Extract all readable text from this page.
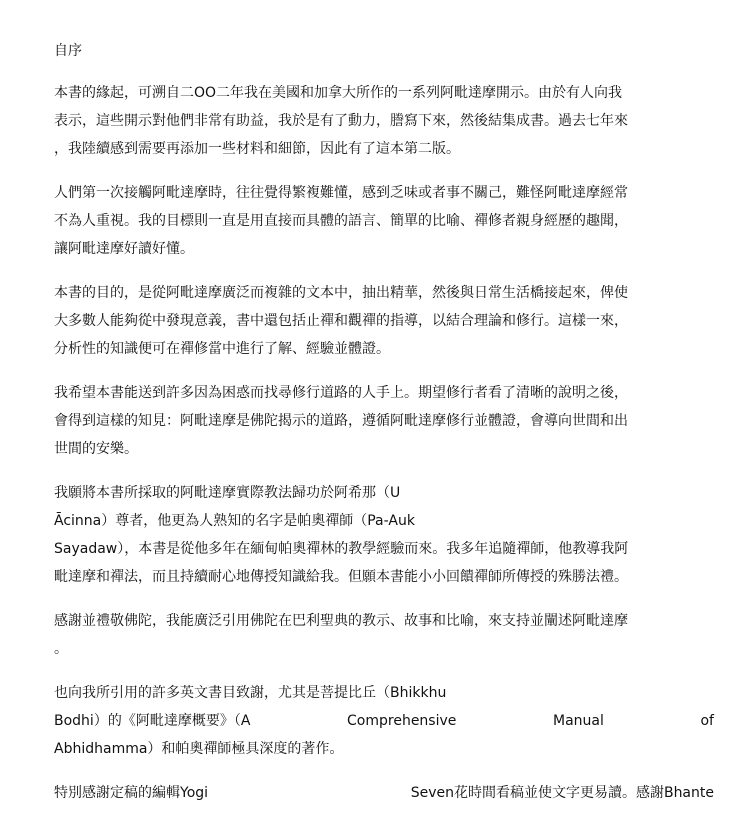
自序
本書的緣起，可溯自二OO二年我在美國和加拿大所作的一系列阿毗達摩開示。由於有人向我
表示，這些開示對他們非常有助益，我於是有了動力，謄寫下來，然後結集成書。過去七年來
，我陸續感到需要再添加一些材料和細節，因此有了這本第二版。
人們第一次接觸阿毗達摩時，往往覺得繁複難懂，感到乏味或者事不關己，難怪阿毗達摩經常
不為人重視。我的目標則一直是用直接而具體的語言、簡單的比喻、禪修者親身經歷的趣聞，
讓阿毗達摩好讀好懂。
本書的目的，是從阿毗達摩廣泛而複雜的文本中，抽出精華，然後與日常生活橋接起來，俾使
大多數人能夠從中發現意義，書中還包括止禪和觀禪的指導，以結合理論和修行。這樣一來，
分析性的知識便可在禪修當中進行了解、經驗並體證。
我希望本書能送到許多因為困惑而找尋修行道路的人手上。期望修行者看了清晰的說明之後，
會得到這樣的知見：阿毗達摩是佛陀揭示的道路，遵循阿毗達摩修行並體證，會導向世間和出
世間的安樂。
我願將本書所採取的阿毗達摩實際教法歸功於阿希那（U
Ācinna）尊者，他更為人熟知的名字是帕奧禪師（Pa-Auk
Sayadaw），本書是從他多年在緬甸帕奧禪林的教學經驗而來。我多年追隨禪師，他教導我阿
毗達摩和禪法，而且持續耐心地傳授知識給我。但願本書能小小回饋禪師所傳授的殊勝法禮。
感謝並禮敬佛陀，我能廣泛引用佛陀在巴利聖典的教示、故事和比喻，來支持並闡述阿毗達摩
。
也向我所引用的許多英文書目致謝，尤其是菩提比丘（Bhikkhu
Bodhi）的《阿毗達摩概要》（A	Comprehensive	Manual	of
Abhidhamma）和帕奧禪師極具深度的著作。
特別感謝定稿的編輯Yogi	Seven花時間看稿並使文字更易讀。感謝Bhante
